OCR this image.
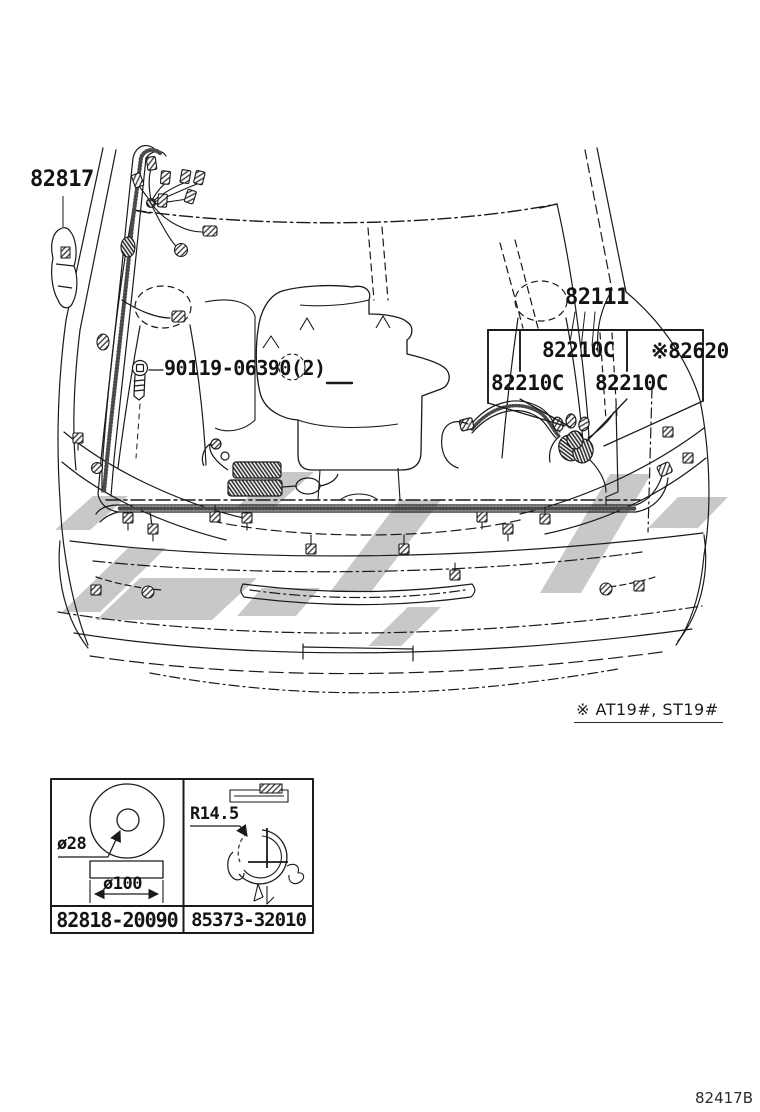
82817
82111
90119-06390(2)
82210C ※82620
82210C 82210C
※ AT19#, ST19#
82818-20090 85373-32010
ø28
ø100
R14.5
82417B
